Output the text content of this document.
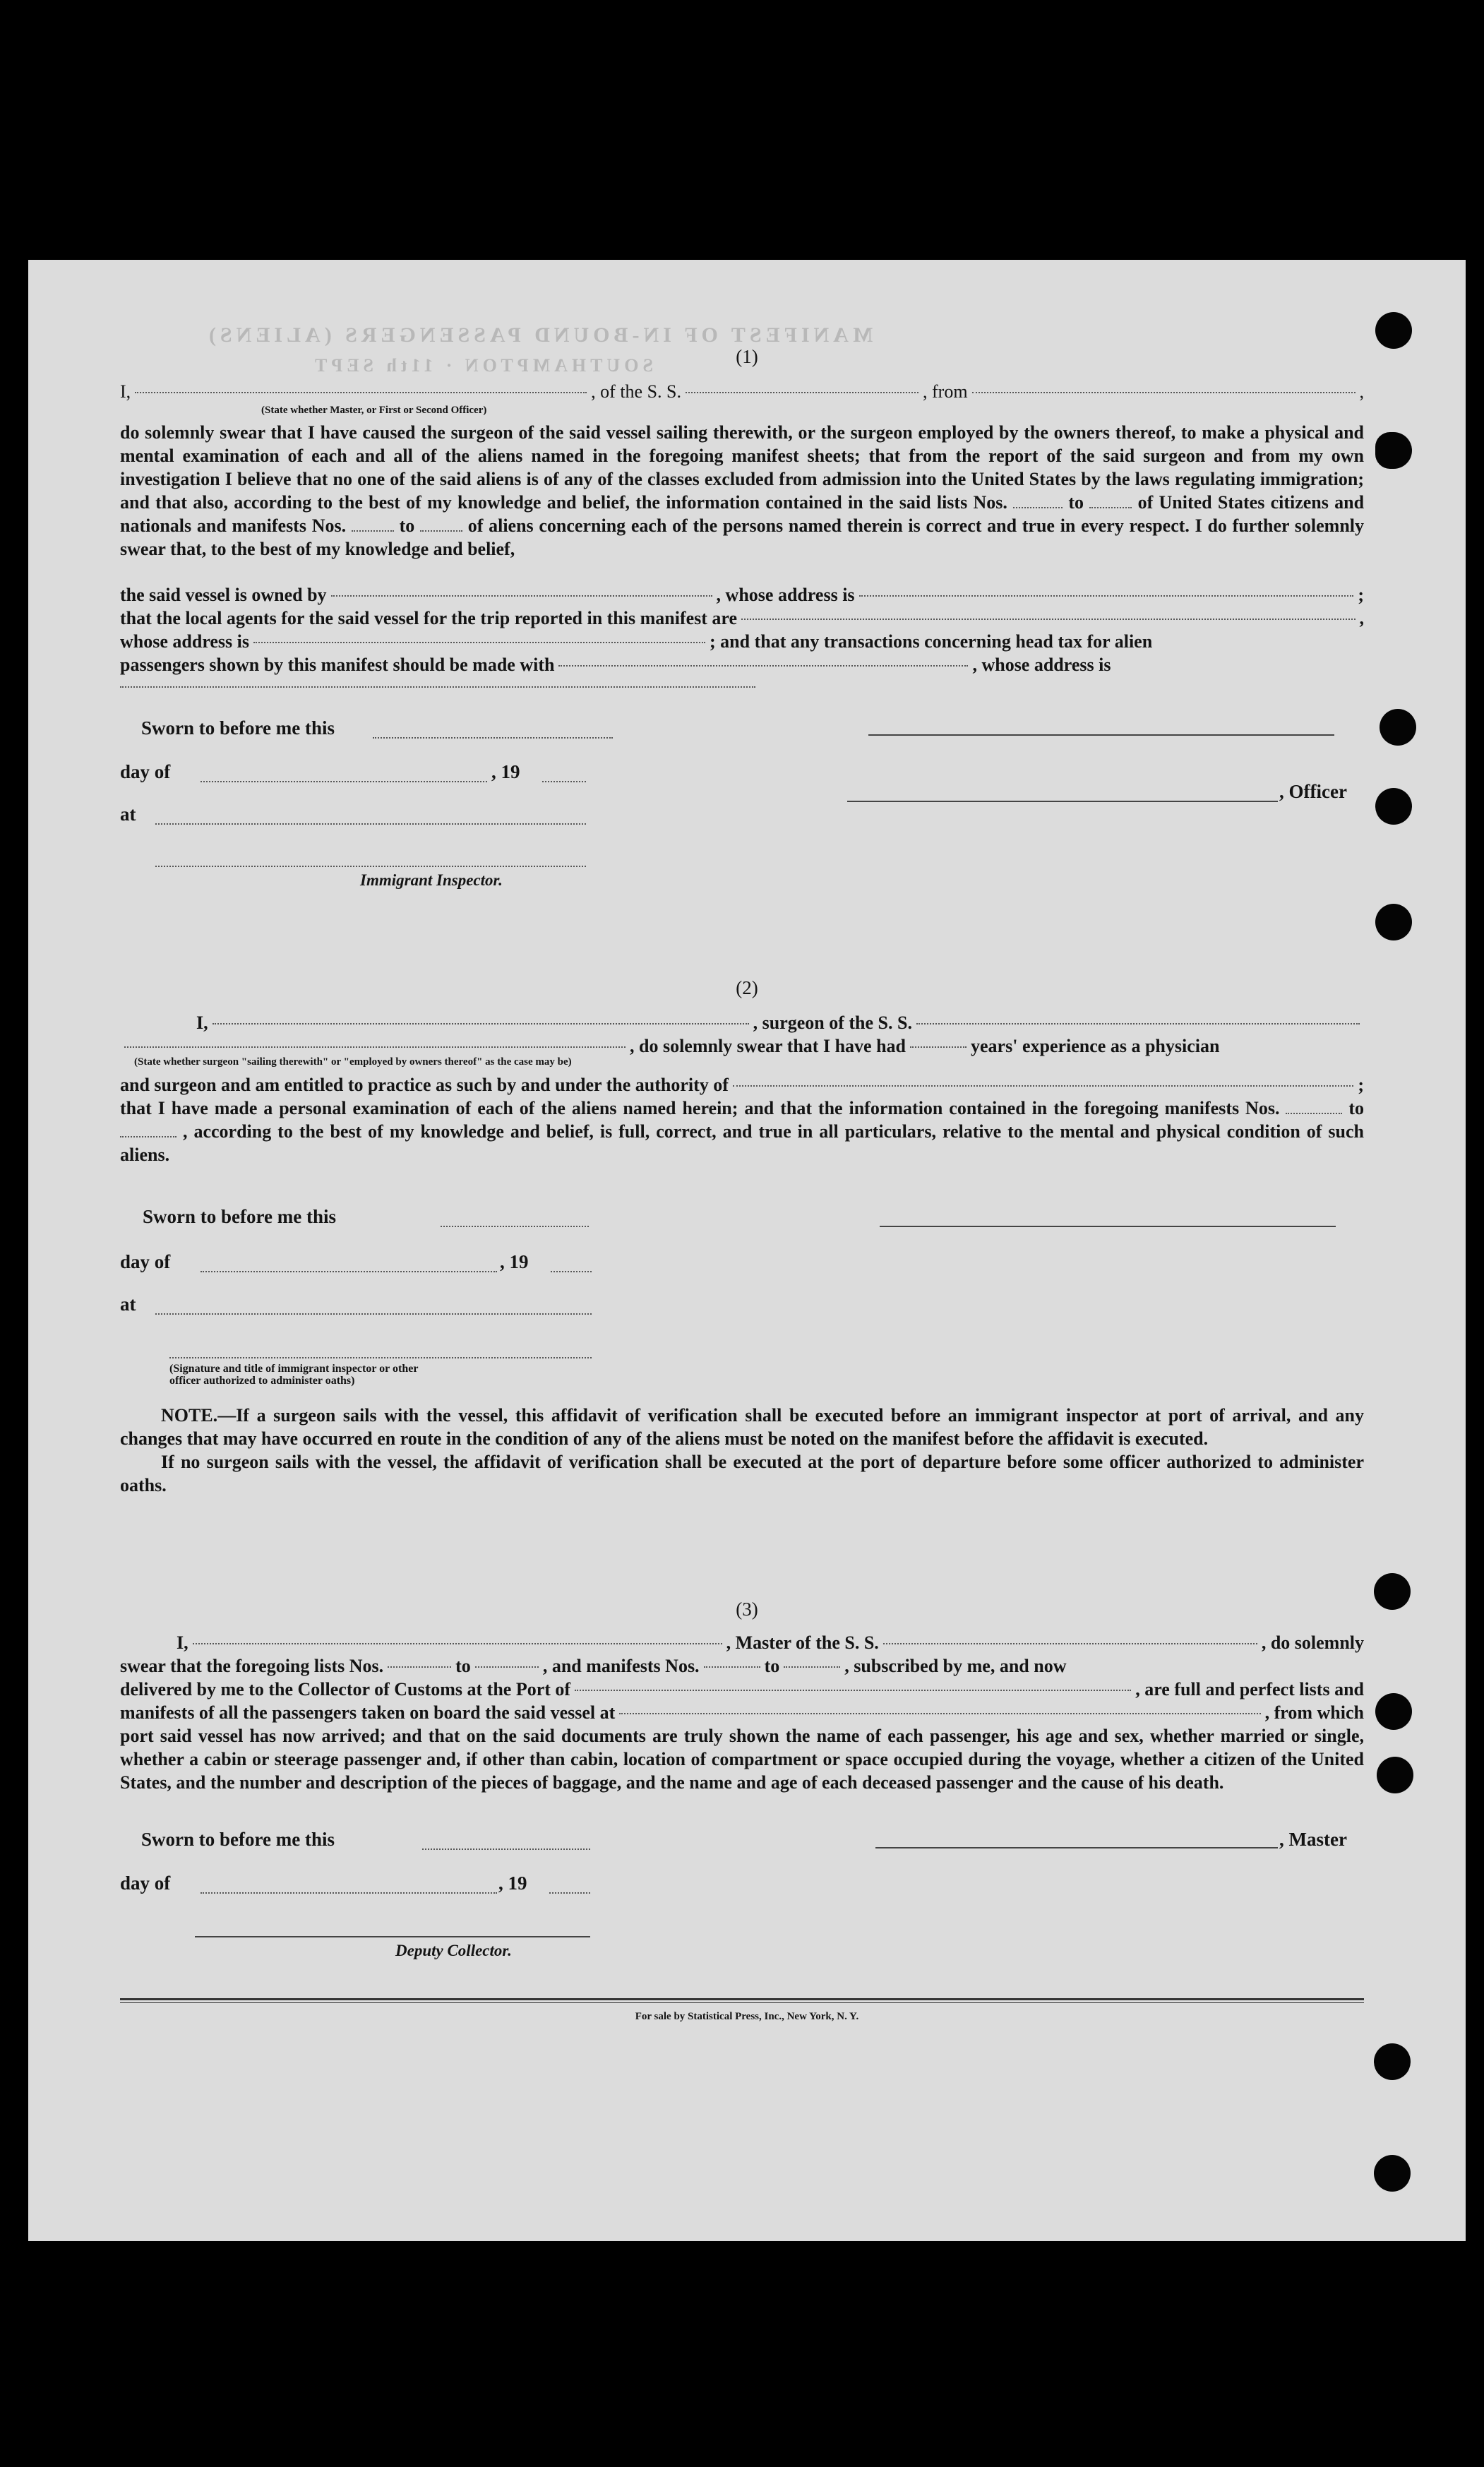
MANIFEST OF IN-BOUND PASSENGERS (ALIENS)
SOUTHAMPTON · 11th SEPT	(1)
I,	, of the S. S.	, from	,
(State whether Master, or First or Second Officer)

do solemnly swear that I have caused the surgeon of the said vessel sailing therewith, or the surgeon employed by the owners thereof, to make a physical and mental examination of each and all of the aliens named in the foregoing manifest sheets; that from the report of the said surgeon and from my own investigation I believe that no one of the said aliens is of any of the classes excluded from admission into the United States by the laws regulating immigration; and that also, according to the best of my knowledge and belief, the information contained in the said lists Nos.	to	of United States citizens and nationals and manifests Nos.	to	of aliens concerning each of the persons named therein is correct and true in every respect. I do further solemnly swear that, to the best of my knowledge and belief,

the said vessel is owned by	, whose address is	;
that the local agents for the said vessel for the trip reported in this manifest are	,
whose address is	; and that any transactions concerning head tax for alien
passengers shown by this manifest should be made with	, whose address is
Sworn to before me this
day of	, 19
, Officer
at
Immigrant Inspector.
(2)
I,	, surgeon of the S. S.
, do solemnly swear that I have had	years' experience as a physician
(State whether surgeon "sailing therewith" or "employed by owners thereof" as the case may be)
and surgeon and am entitled to practice as such by and under the authority of	;

that I have made a personal examination of each of the aliens named herein; and that the information contained in the foregoing manifests Nos.	to  , according to the best of my knowledge and belief, is full, correct, and true in all particulars, relative to the mental and physical condition of such aliens.

Sworn to before me this
day of	, 19
at
(Signature and title of immigrant inspector or other officer authorized to administer oaths)

NOTE.—If a surgeon sails with the vessel, this affidavit of verification shall be executed before an immigrant inspector at port of arrival, and any changes that may have occurred en route in the condition of any of the aliens must be noted on the manifest before the affidavit is executed.

If no surgeon sails with the vessel, the affidavit of verification shall be executed at the port of departure before some officer authorized to administer oaths.

(3)
I,	, Master of the S. S.	, do solemnly
swear that the foregoing lists Nos.	to	, and manifests Nos.	to	, subscribed by me, and now
delivered by me to the Collector of Customs at the Port of	, are full and perfect lists and
manifests of all the passengers taken on board the said vessel at	, from which

port said vessel has now arrived; and that on the said documents are truly shown the name of each passenger, his age and sex, whether married or single, whether a cabin or steerage passenger and, if other than cabin, location of compartment or space occupied during the voyage, whether a citizen of the United States, and the number and description of the pieces of baggage, and the name and age of each deceased passenger and the cause of his death.

Sworn to before me this	, Master
day of	, 19
Deputy Collector.
For sale by Statistical Press, Inc., New York, N. Y.
